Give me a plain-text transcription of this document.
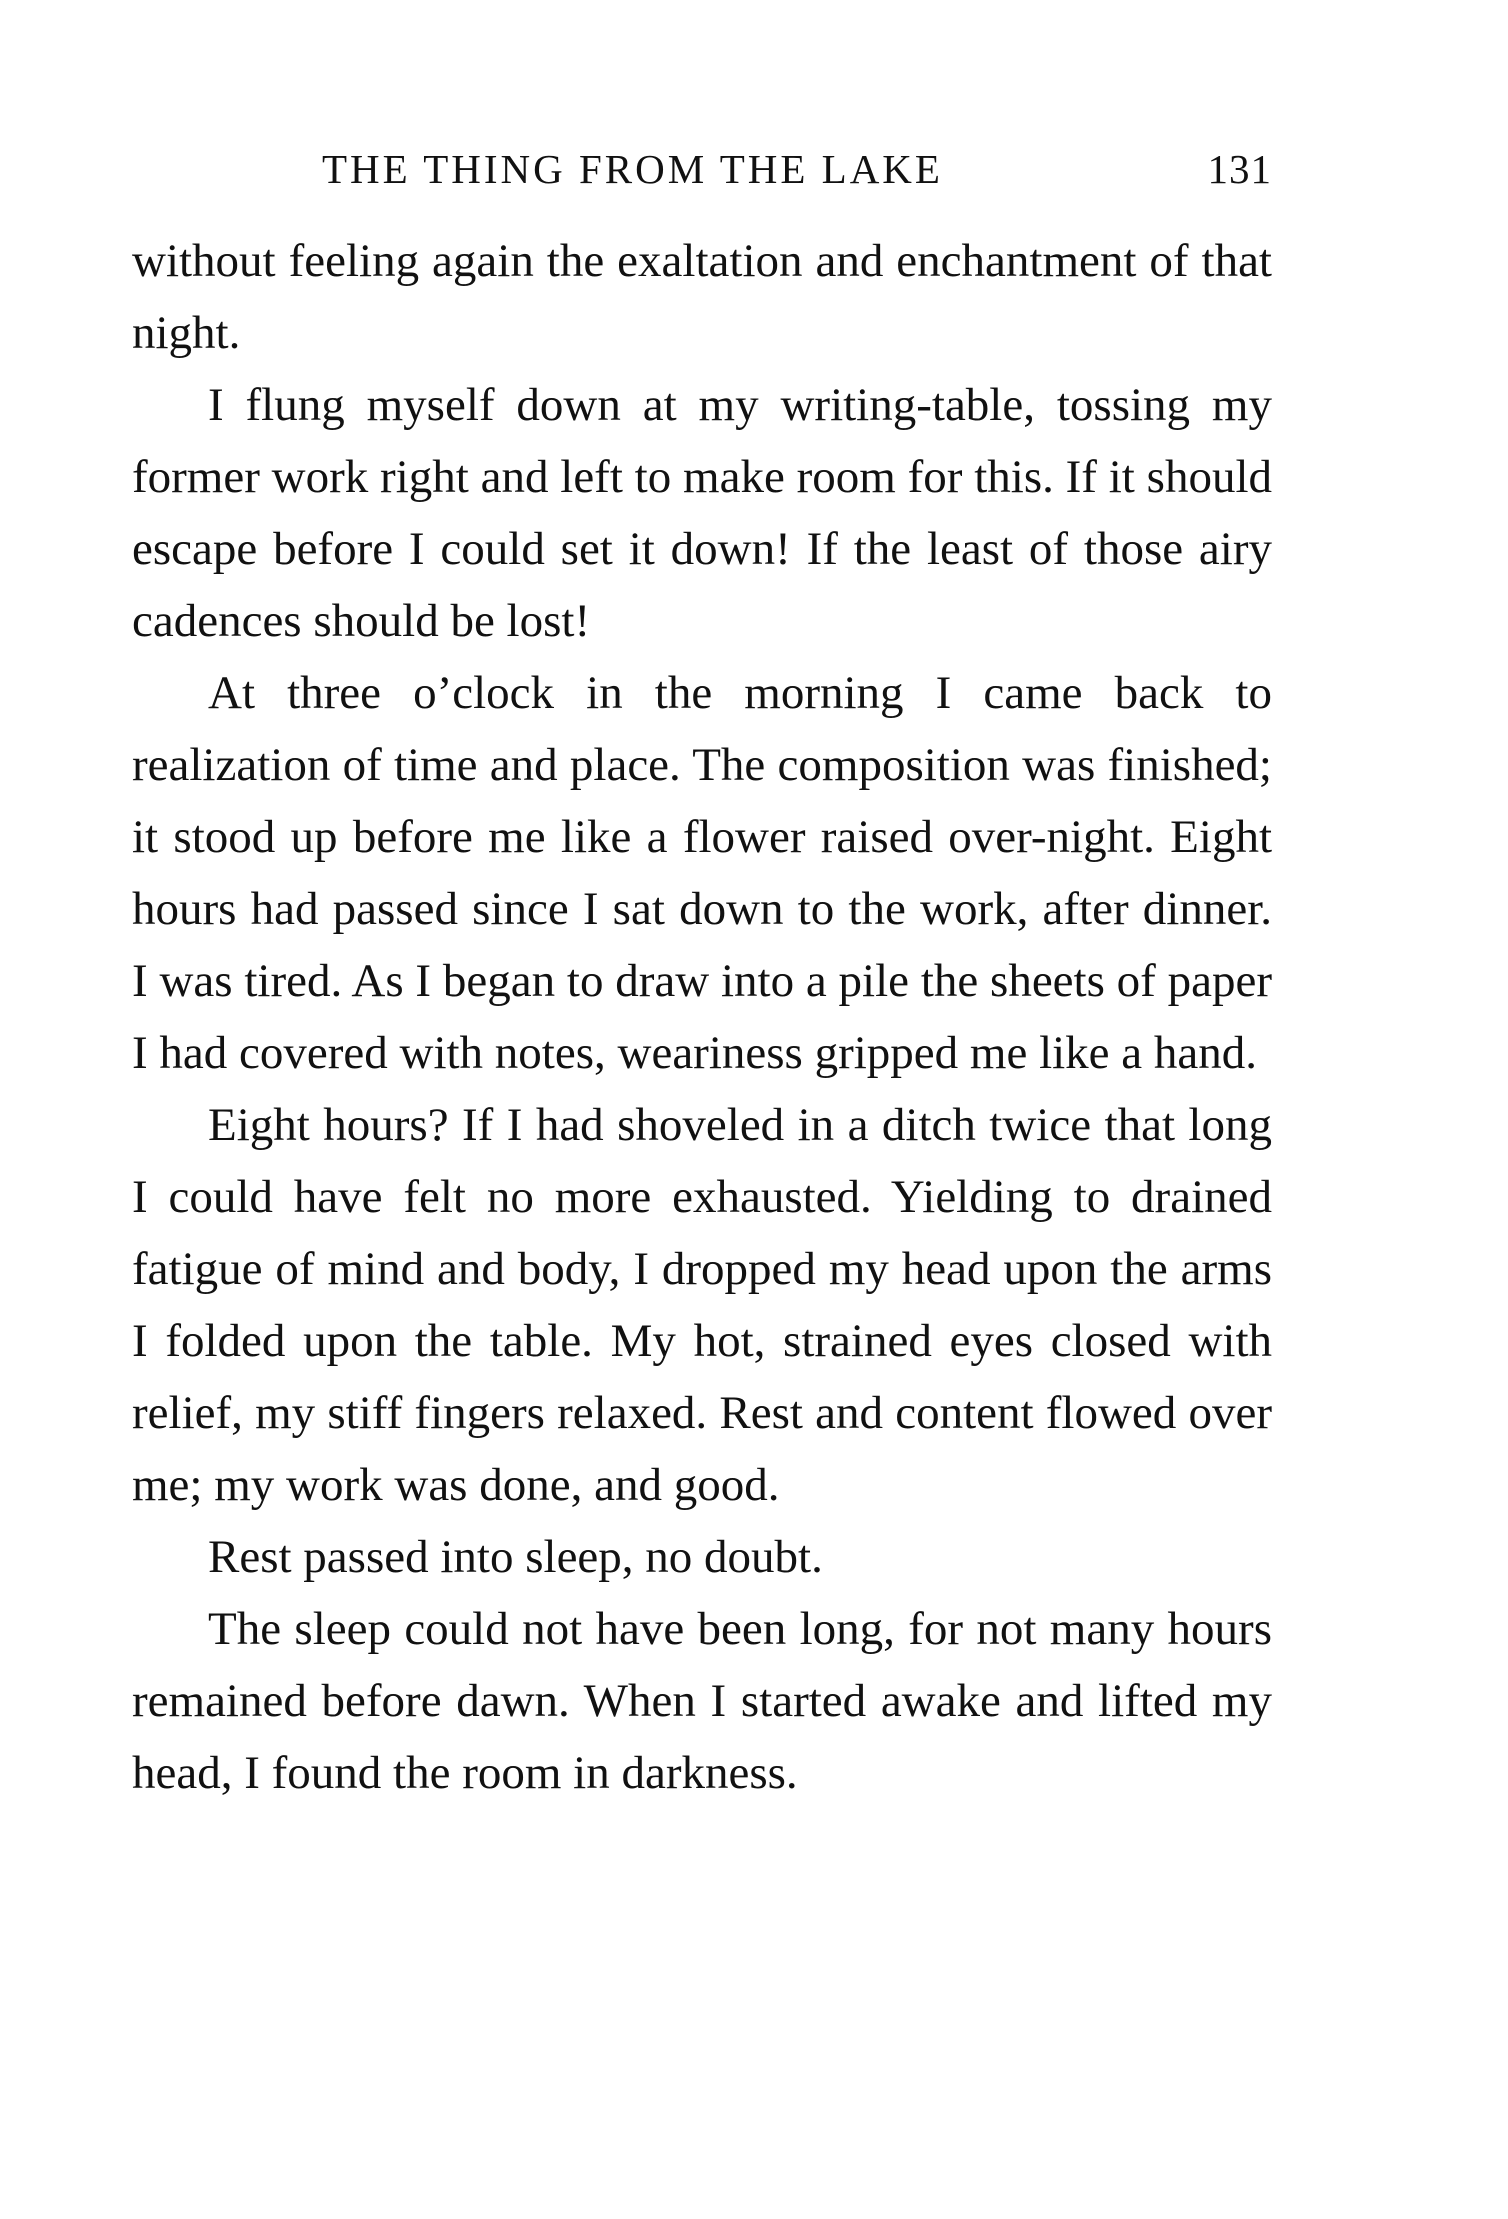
THE THING FROM THE LAKE	131

without feeling again the exaltation and enchantment of that night.

I flung myself down at my writing-table, tossing my former work right and left to make room for this. If it should escape before I could set it down! If the least of those airy cadences should be lost!

At three o’clock in the morning I came back to realization of time and place. The composition was finished; it stood up before me like a flower raised over-night. Eight hours had passed since I sat down to the work, after dinner. I was tired. As I began to draw into a pile the sheets of paper I had covered with notes, weariness gripped me like a hand.

Eight hours? If I had shoveled in a ditch twice that long I could have felt no more exhausted. Yielding to drained fatigue of mind and body, I dropped my head upon the arms I folded upon the table. My hot, strained eyes closed with relief, my stiff fingers relaxed. Rest and content flowed over me; my work was done, and good.

Rest passed into sleep, no doubt.

The sleep could not have been long, for not many hours remained before dawn. When I started awake and lifted my head, I found the room in darkness.
